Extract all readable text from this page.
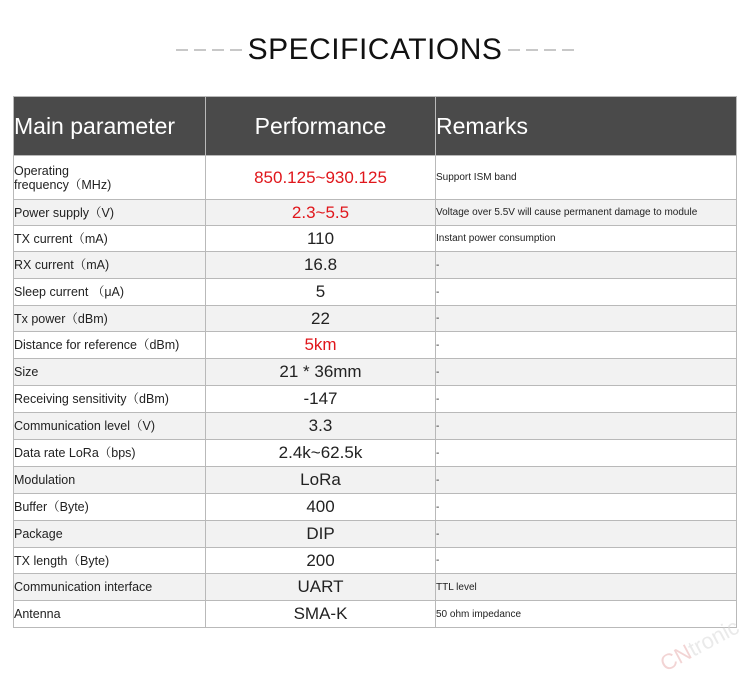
SPECIFICATIONS
Main parameter	Performance	Remarks
Operating
frequency（MHz)	850.125~930.125	Support ISM band
Power supply（V)	2.3~5.5	Voltage over 5.5V will cause permanent damage to module
TX current（mA)	110	Instant power consumption
RX current（mA)	16.8	-
Sleep current （μA)	5	-
Tx power（dBm)	22	-
Distance for reference（dBm)	5km	-
Size	21 * 36mm	-
Receiving sensitivity（dBm)	-147	-
Communication level（V)	3.3	-
Data rate LoRa（bps)	2.4k~62.5k	-
Modulation	LoRa	-
Buffer（Byte)	400	-
Package	DIP	-
TX length（Byte)	200	-
Communication interface	UART	TTL level
Antenna	SMA-K	50 ohm impedance
CNtronic
